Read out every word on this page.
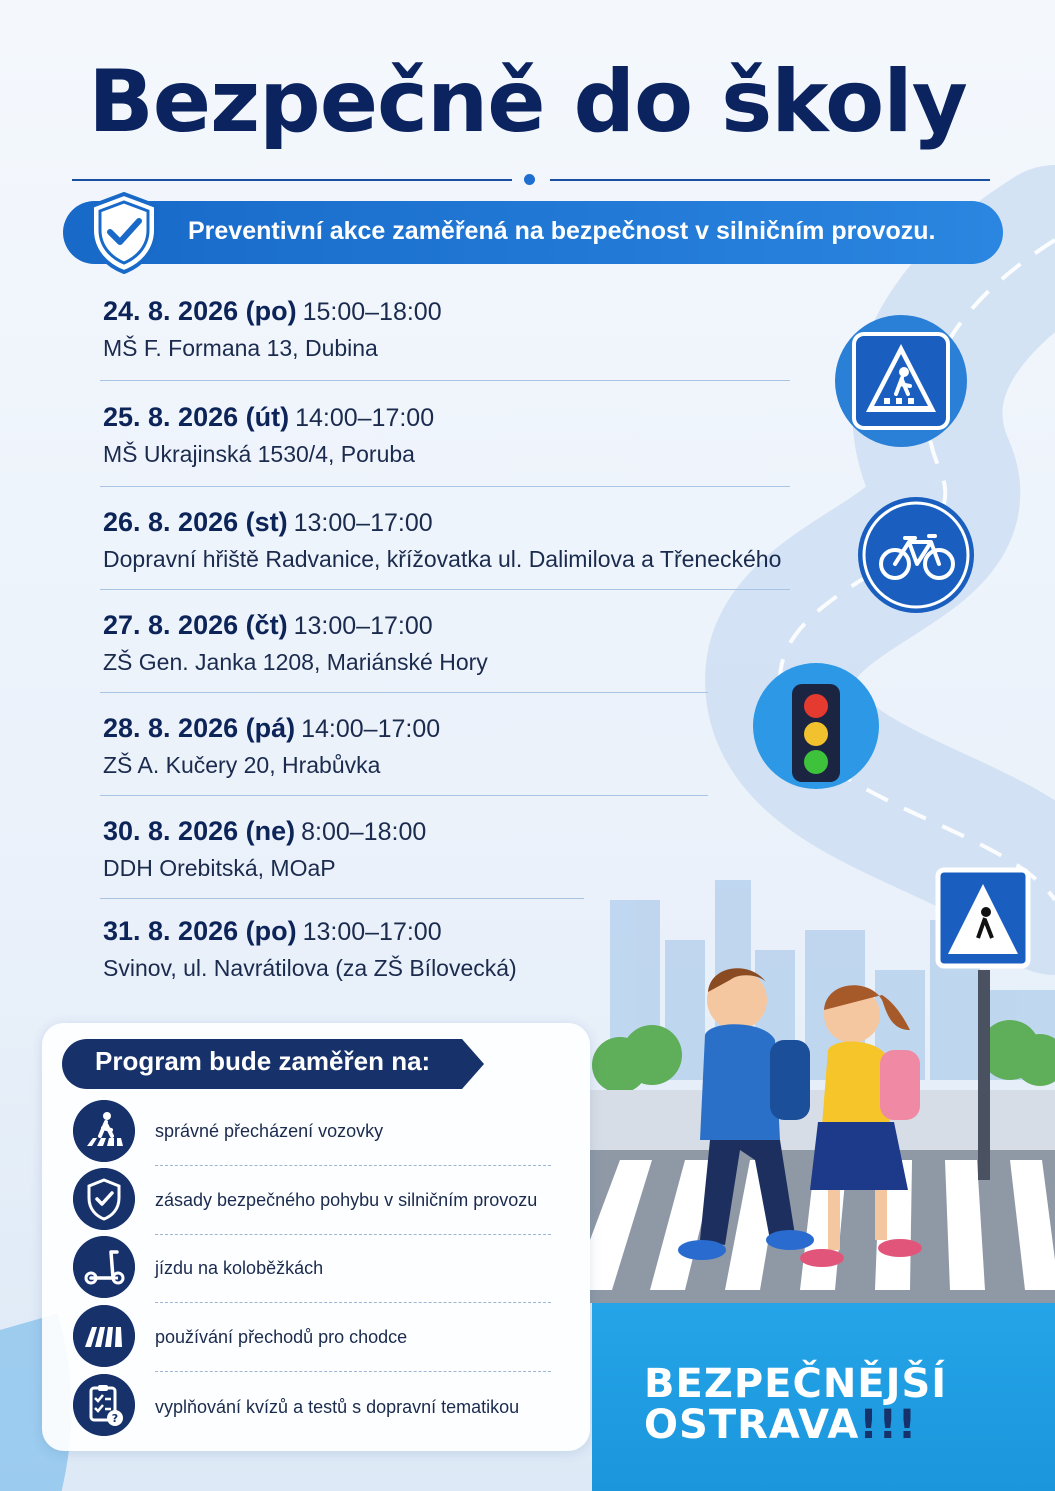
Bezpečně do školy
Preventivní akce zaměřená na bezpečnost v silničním provozu.
24. 8. 2026 (po) 15:00–18:00
MŠ F. Formana 13, Dubina
25. 8. 2026 (út) 14:00–17:00
MŠ Ukrajinská 1530/4, Poruba
26. 8. 2026 (st) 13:00–17:00
Dopravní hřiště Radvanice, křížovatka ul. Dalimilova a Třeneckého
27. 8. 2026 (čt) 13:00–17:00
ZŠ Gen. Janka 1208, Mariánské Hory
28. 8. 2026 (pá) 14:00–17:00
ZŠ A. Kučery 20, Hrabůvka
30. 8. 2026 (ne) 8:00–18:00
DDH Orebitská, MOaP
31. 8. 2026 (po) 13:00–17:00
Svinov, ul. Navrátilova (za ZŠ Bílovecká)
Program bude zaměřen na:
správné přecházení vozovky
zásady bezpečného pohybu v silničním provozu
jízdu na koloběžkách
používání přechodů pro chodce
?
vyplňování kvízů a testů s dopravní tematikou	BEZPEČNĚJŠÍ
OSTRAVA!!!
